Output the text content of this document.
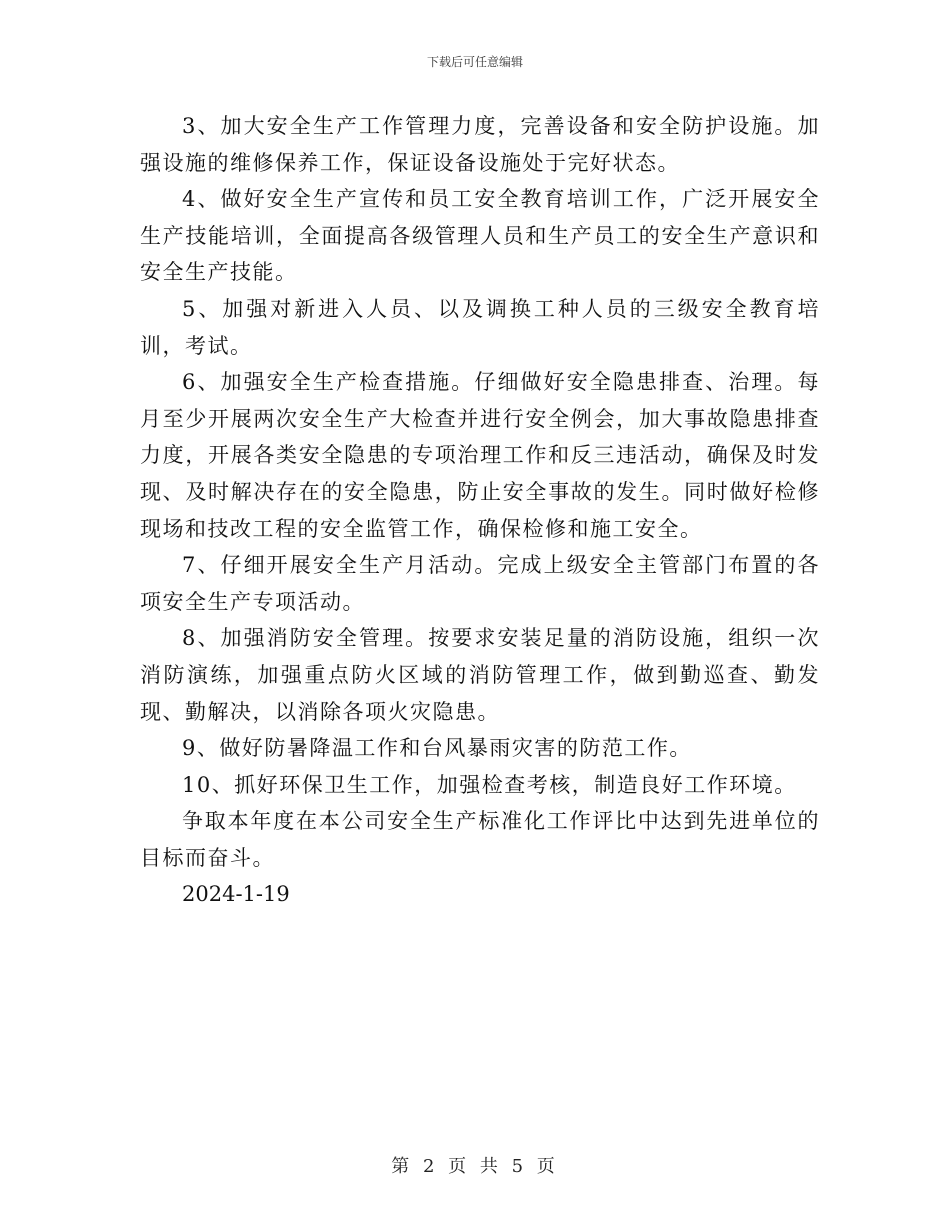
下载后可任意编辑

3、加大安全生产工作管理力度，完善设备和安全防护设施。加强设施的维修保养工作，保证设备设施处于完好状态。

4、做好安全生产宣传和员工安全教育培训工作，广泛开展安全生产技能培训，全面提高各级管理人员和生产员工的安全生产意识和安全生产技能。

5、加强对新进入人员、以及调换工种人员的三级安全教育培训，考试。

6、加强安全生产检查措施。仔细做好安全隐患排查、治理。每月至少开展两次安全生产大检查并进行安全例会，加大事故隐患排查力度，开展各类安全隐患的专项治理工作和反三违活动，确保及时发现、及时解决存在的安全隐患，防止安全事故的发生。同时做好检修现场和技改工程的安全监管工作，确保检修和施工安全。

7、仔细开展安全生产月活动。完成上级安全主管部门布置的各项安全生产专项活动。

8、加强消防安全管理。按要求安装足量的消防设施，组织一次消防演练，加强重点防火区域的消防管理工作，做到勤巡查、勤发现、勤解决，以消除各项火灾隐患。

9、做好防暑降温工作和台风暴雨灾害的防范工作。

10、抓好环保卫生工作，加强检查考核，制造良好工作环境。

争取本年度在本公司安全生产标准化工作评比中达到先进单位的目标而奋斗。

2024-1-19

第 2 页 共 5 页
